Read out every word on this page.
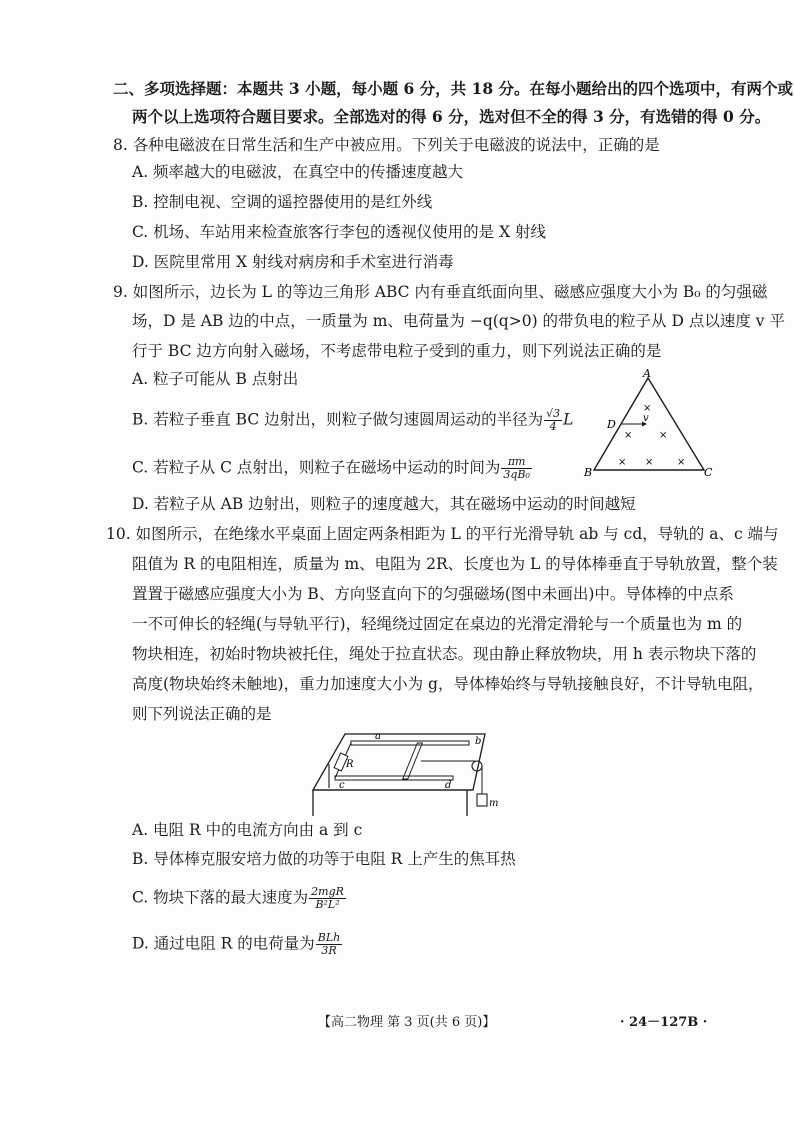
二、多项选择题：本题共 3 小题，每小题 6 分，共 18 分。在每小题给出的四个选项中，有两个或
两个以上选项符合题目要求。全部选对的得 6 分，选对但不全的得 3 分，有选错的得 0 分。
8. 各种电磁波在日常生活和生产中被应用。下列关于电磁波的说法中，正确的是
A. 频率越大的电磁波，在真空中的传播速度越大
B. 控制电视、空调的遥控器使用的是红外线
C. 机场、车站用来检查旅客行李包的透视仪使用的是 X 射线
D. 医院里常用 X 射线对病房和手术室进行消毒
9. 如图所示，边长为 L 的等边三角形 ABC 内有垂直纸面向里、磁感应强度大小为 B₀ 的匀强磁
场，D 是 AB 边的中点，一质量为 m、电荷量为 −q(q>0) 的带负电的粒子从 D 点以速度 v 平
行于 BC 边方向射入磁场，不考虑带电粒子受到的重力，则下列说法正确的是
A. 粒子可能从 B 点射出
B. 若粒子垂直 BC 边射出，则粒子做匀速圆周运动的半径为 $\frac{√3}{4}$ L
C. 若粒子从 C 点射出，则粒子在磁场中运动的时间为 $\frac{\pi m}{\text{3qB₀}}$
D. 若粒子从 AB 边射出，则粒子的速度越大，其在磁场中运动的时间越短
A
B	C
D	v
×
×	×
× × ×
10. 如图所示，在绝缘水平桌面上固定两条相距为 L 的平行光滑导轨 ab 与 cd，导轨的 a、c 端与
阻值为 R 的电阻相连，质量为 m、电阻为 2R、长度也为 L 的导体棒垂直于导轨放置，整个装
置置于磁感应强度大小为 B、方向竖直向下的匀强磁场(图中未画出)中。导体棒的中点系
一不可伸长的轻绳(与导轨平行)，轻绳绕过固定在桌边的光滑定滑轮与一个质量也为 m 的
物块相连，初始时物块被托住，绳处于拉直状态。现由静止释放物块，用 h 表示物块下落的
高度(物块始终未触地)，重力加速度大小为 g，导体棒始终与导轨接触良好，不计导轨电阻，
则下列说法正确的是
a	b
c	d
R
m
A. 电阻 R 中的电流方向由 a 到 c
B. 导体棒克服安培力做的功等于电阻 R 上产生的焦耳热
C. 物块下落的最大速度为 $\frac{\text{2mgR}}{\text{B²L²}}$
D. 通过电阻 R 的电荷量为 $\frac{\text{BLh}}{3R}$
【高二物理 第 3 页(共 6 页)】	· 24－127B ·
